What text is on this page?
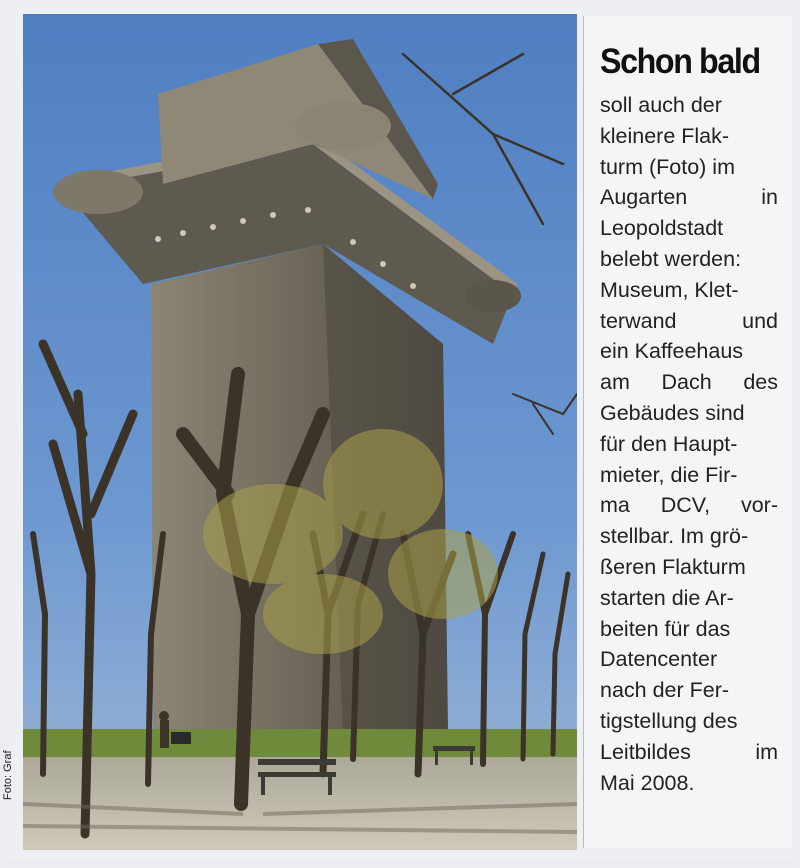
Foto: Graf
Schon bald
soll auch der
kleinere Flak-
turm (Foto) im
Augarten in
Leopoldstadt
belebt werden:
Museum, Klet-
terwand und
ein Kaffeehaus
am Dach des
Gebäudes sind
für den Haupt-
mieter, die Fir-
ma DCV, vor-
stellbar. Im grö-
ßeren Flakturm
starten die Ar-
beiten für das
Datencenter
nach der Fer-
tigstellung des
Leitbildes im
Mai 2008.
